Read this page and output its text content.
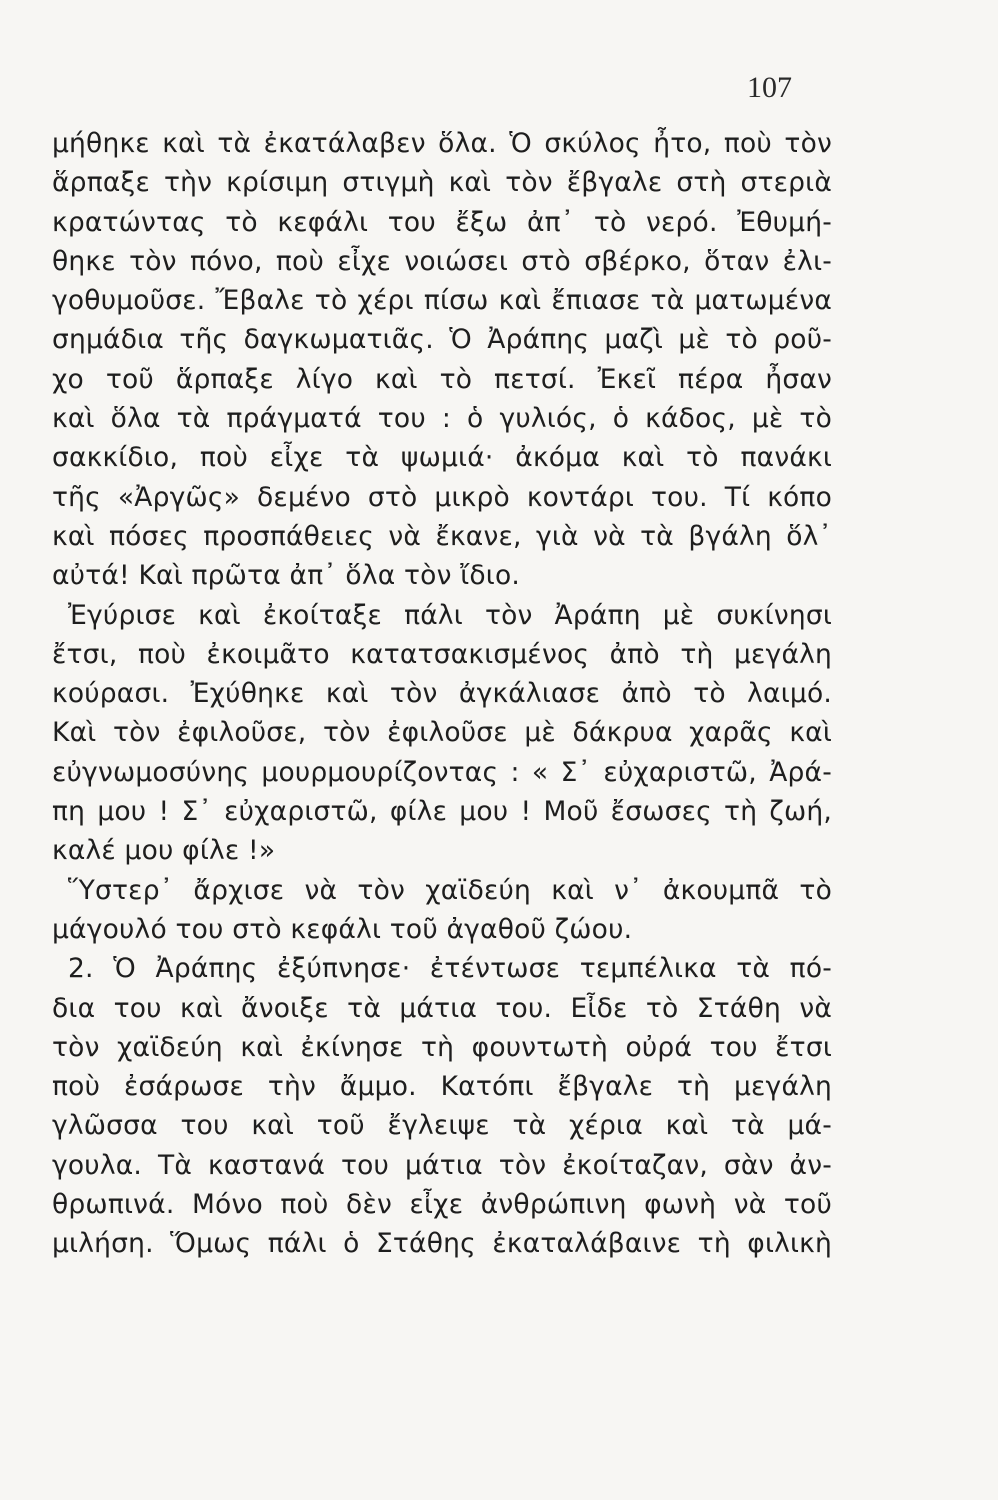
107
μήθηκε καὶ τὰ ἐκατάλαβεν ὅλα. Ὁ σκύλος ἦτο, ποὺ τὸν
ἅρπαξε τὴν κρίσιμη στιγμὴ καὶ τὸν ἔβγαλε στὴ στεριὰ
κρατώντας τὸ κεφάλι του ἔξω ἀπ᾿ τὸ νερό. Ἐθυμή-
θηκε τὸν πόνο, ποὺ εἶχε νοιώσει στὸ σβέρκο, ὅταν ἐλι-
γοθυμοῦσε. Ἔβαλε τὸ χέρι πίσω καὶ ἔπιασε τὰ ματωμένα
σημάδια τῆς δαγκωματιᾶς. Ὁ Ἀράπης μαζὶ μὲ τὸ ροῦ-
χο τοῦ ἅρπαξε λίγο καὶ τὸ πετσί. Ἐκεῖ πέρα ἦσαν
καὶ ὅλα τὰ πράγματά του : ὁ γυλιός, ὁ κάδος, μὲ τὸ
σακκίδιο, ποὺ εἶχε τὰ ψωμιά· ἀκόμα καὶ τὸ πανάκι
τῆς «Ἀργῶς» δεμένο στὸ μικρὸ κοντάρι του. Τί κόπο
καὶ πόσες προσπάθειες νὰ ἔκανε, γιὰ νὰ τὰ βγάλη ὅλ᾿
αὐτά! Καὶ πρῶτα ἀπ᾿ ὅλα τὸν ἴδιο.
Ἐγύρισε καὶ ἐκοίταξε πάλι τὸν Ἀράπη μὲ συκίνησι
ἔτσι, ποὺ ἐκοιμᾶτο κατατσακισμένος ἀπὸ τὴ μεγάλη
κούρασι. Ἐχύθηκε καὶ τὸν ἀγκάλιασε ἀπὸ τὸ λαιμό.
Καὶ τὸν ἐφιλοῦσε, τὸν ἐφιλοῦσε μὲ δάκρυα χαρᾶς καὶ
εὐγνωμοσύνης μουρμουρίζοντας : « Σ᾿ εὐχαριστῶ, Ἀρά-
πη μου ! Σ᾿ εὐχαριστῶ, φίλε μου ! Μοῦ ἔσωσες τὴ ζωή,
καλέ μου φίλε !»
Ὕστερ᾿ ἄρχισε νὰ τὸν χαϊδεύη καὶ ν᾿ ἀκουμπᾶ τὸ
μάγουλό του στὸ κεφάλι τοῦ ἀγαθοῦ ζώου.
2. Ὁ Ἀράπης ἐξύπνησε· ἐτέντωσε τεμπέλικα τὰ πό-
δια του καὶ ἄνοιξε τὰ μάτια του. Εἶδε τὸ Στάθη νὰ
τὸν χαϊδεύη καὶ ἐκίνησε τὴ φουντωτὴ οὐρά του ἔτσι
ποὺ ἐσάρωσε τὴν ἄμμο. Κατόπι ἔβγαλε τὴ μεγάλη
γλῶσσα του καὶ τοῦ ἔγλειψε τὰ χέρια καὶ τὰ μά-
γουλα. Τὰ καστανά του μάτια τὸν ἐκοίταζαν, σὰν ἀν-
θρωπινά. Μόνο ποὺ δὲν εἶχε ἀνθρώπινη φωνὴ νὰ τοῦ
μιλήση. Ὅμως πάλι ὁ Στάθης ἐκαταλάβαινε τὴ φιλικὴ
